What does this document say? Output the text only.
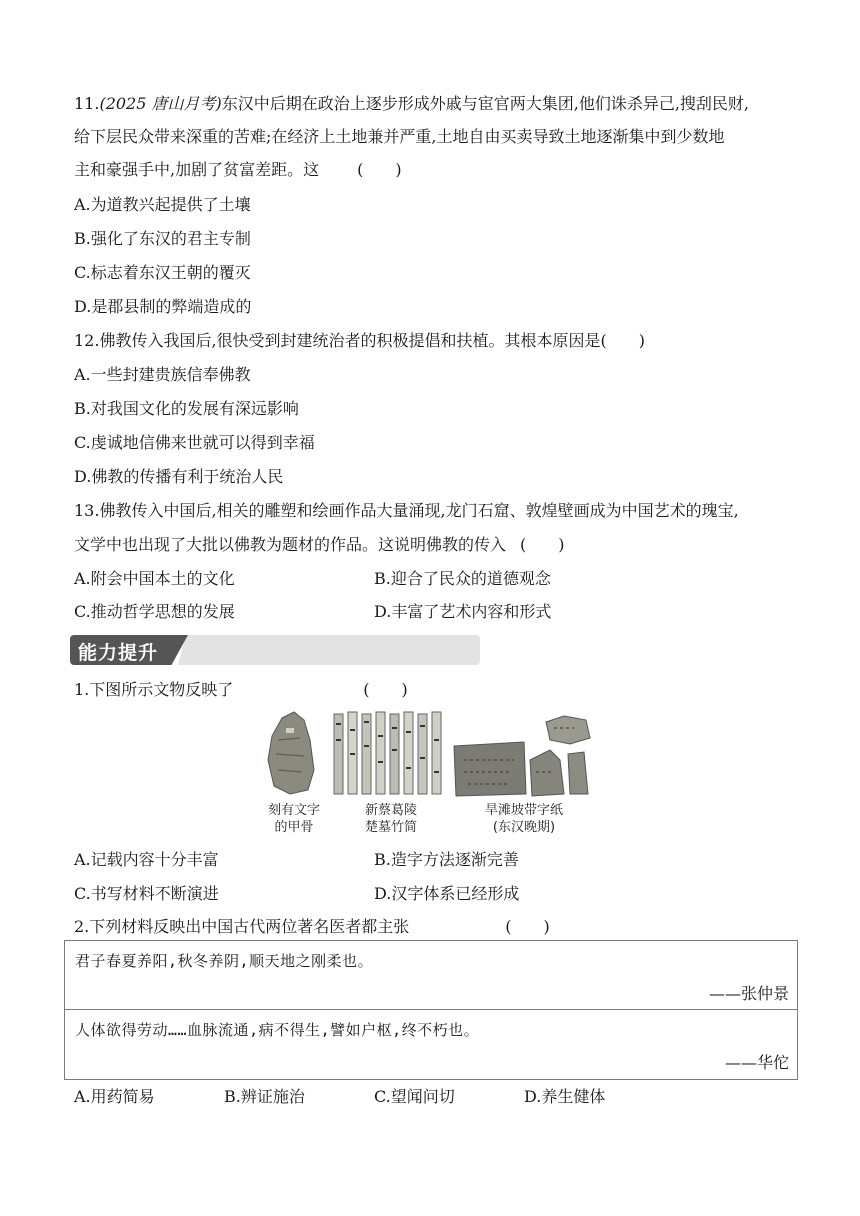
11.(2025 唐山月考)东汉中后期在政治上逐步形成外戚与宦官两大集团,他们诛杀异己,搜刮民财,
给下层民众带来深重的苦难;在经济上土地兼并严重,土地自由买卖导致土地逐渐集中到少数地
主和豪强手中,加剧了贫富差距。这 (　　)
A.为道教兴起提供了土壤
B.强化了东汉的君主专制
C.标志着东汉王朝的覆灭
D.是郡县制的弊端造成的
12.佛教传入我国后,很快受到封建统治者的积极提倡和扶植。其根本原因是(　　)
A.一些封建贵族信奉佛教
B.对我国文化的发展有深远影响
C.虔诚地信佛来世就可以得到幸福
D.佛教的传播有利于统治人民
13.佛教传入中国后,相关的雕塑和绘画作品大量涌现,龙门石窟、敦煌壁画成为中国艺术的瑰宝,
文学中也出现了大批以佛教为题材的作品。这说明佛教的传入 (　　)
A.附会中国本土的文化	B.迎合了民众的道德观念
C.推动哲学思想的发展	D.丰富了艺术内容和形式
能力提升
1.下图所示文物反映了	(　　)
刻有文字
的甲骨
新蔡葛陵
楚墓竹简
旱滩坡带字纸
(东汉晚期)
A.记载内容十分丰富	B.造字方法逐渐完善
C.书写材料不断演进	D.汉字体系已经形成
2.下列材料反映出中国古代两位著名医者都主张	(　　)
君子春夏养阳,秋冬养阴,顺天地之刚柔也。
——张仲景
人体欲得劳动……血脉流通,病不得生,譬如户枢,终不朽也。
——华佗
A.用药简易	B.辨证施治	C.望闻问切	D.养生健体
